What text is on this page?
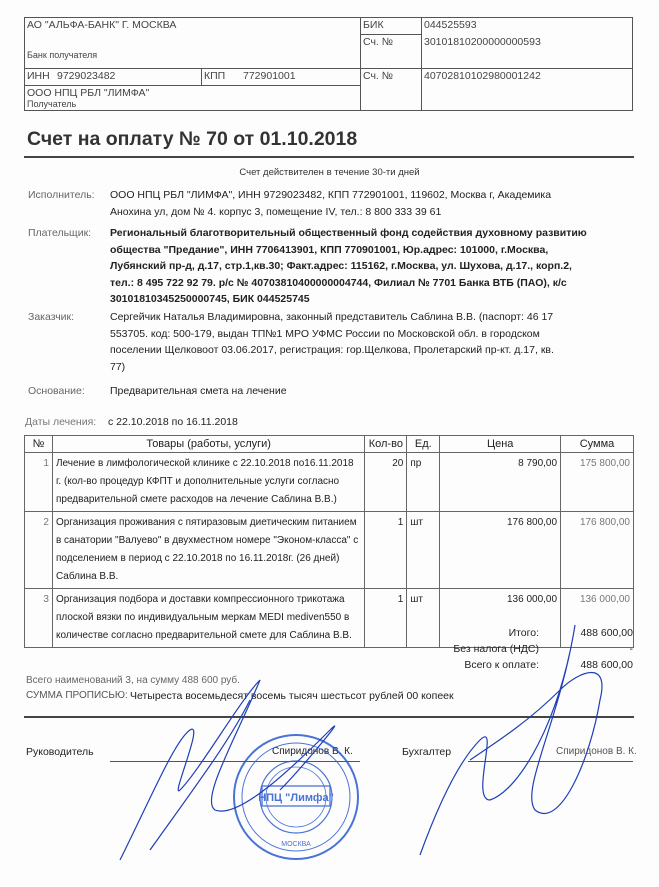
АО "АЛЬФА-БАНК" Г. МОСКВА
Банк получателя
БИК	044525593
Сч. №	30101810200000000593
ИНН 9729023482	КПП 772901001	Сч. №	40702810102980001242
ООО НПЦ РБЛ "ЛИМФА"
Получатель
Счет на оплату № 70 от 01.10.2018
Счет действителен в течение 30-ти дней
Исполнитель: ООО НПЦ РБЛ "ЛИМФА", ИНН 9729023482, КПП 772901001, 119602, Москва г, Академика
Анохина ул, дом № 4. корпус 3, помещение IV, тел.: 8 800 333 39 61
Плательщик: Региональный благотворительный общественный фонд содействия духовному развитию
общества "Предание", ИНН 7706413901, КПП 770901001, Юр.адрес: 101000, г.Москва,
Лубянский пр-д, д.17, стр.1,кв.30; Факт.адрес: 115162, г.Москва, ул. Шухова, д.17., корп.2,
тел.: 8 495 722 92 79. р/с № 40703810400000004744, Филиал № 7701 Банка ВТБ (ПАО), к/с
30101810345250000745, БИК 044525745
Заказчик:	Сергейчик Наталья Владимировна, законный представитель Саблина В.В. (паспорт: 46 17
553705. код: 500-179, выдан ТП№1 МРО УФМС России по Московской обл. в городском
поселении Щелковоот 03.06.2017, регистрация: гор.Щелкова, Пролетарский пр-кт. д.17, кв.
77)
Основание: Предварительная смета на лечение
Даты лечения: с 22.10.2018 по 16.11.2018
№	Товары (работы, услуги)	Кол-во	Ед.	Цена	Сумма
1	Лечение в лимфологической клинике с 22.10.2018 по16.11.2018 г. (кол-во процедур КФПТ и дополнительные услуги согласно предварительной смете расходов на лечение Саблина В.В.)	20	пр	8 790,00	175 800,00
2	Организация проживания с пятиразовым диетическим питанием в санатории "Валуево" в двухместном номере "Эконом-класса" с подселением в период с 22.10.2018 по 16.11.2018г. (26 дней) Саблина В.В.	1	шт	176 800,00	176 800,00
3	Организация подбора и доставки компрессионного трикотажа плоской вязки по индивидуальным меркам MEDI mediven550 в количестве согласно предварительной смете для Саблина В.В.	1	шт	136 000,00	136 000,00
Итого:	488 600,00
Без налога (НДС)	-
Всего к оплате:	488 600,00
Всего наименований 3, на сумму 488 600 руб.
СУММА ПРОПИСЬЮ: Четыреста восемьдесят восемь тысяч шестьсот рублей 00 копеек
Руководитель	Спиридонов В. К.	Бухгалтер	Спиридонов В. К.
НПЦ "Лимфа"
МОСКВА
